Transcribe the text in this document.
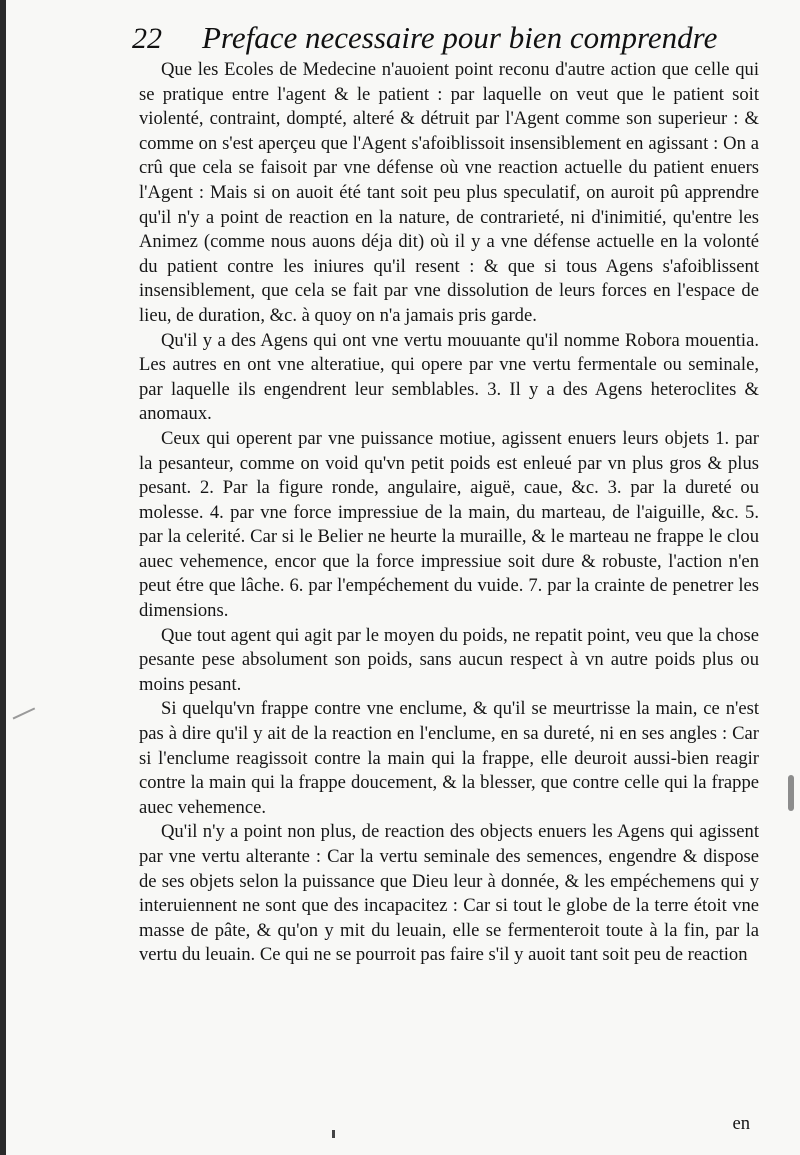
22 Preface necessaire pour bien comprendre

Que les Ecoles de Medecine n'auoient point reconu d'autre action que celle qui se pratique entre l'agent & le patient : par laquelle on veut que le patient soit violenté, contraint, dompté, alteré & détruit par l'Agent comme son superieur : & comme on s'est aperçeu que l'Agent s'afoiblissoit insensiblement en agissant : On a crû que cela se faisoit par vne défense où vne reaction actuelle du patient enuers l'Agent : Mais si on auoit été tant soit peu plus speculatif, on auroit pû apprendre qu'il n'y a point de reaction en la nature, de contrarieté, ni d'inimitié, qu'entre les Animez (comme nous auons déja dit) où il y a vne défense actuelle en la volonté du patient contre les iniures qu'il resent : & que si tous Agens s'afoiblissent insensiblement, que cela se fait par vne dissolution de leurs forces en l'espace de lieu, de duration, &c. à quoy on n'a jamais pris garde.

Qu'il y a des Agens qui ont vne vertu mouuante qu'il nomme Robora mouentia. Les autres en ont vne alteratiue, qui opere par vne vertu fermentale ou seminale, par laquelle ils engendrent leur semblables. 3. Il y a des Agens heteroclites & anomaux.

Ceux qui operent par vne puissance motiue, agissent enuers leurs objets 1. par la pesanteur, comme on void qu'vn petit poids est enleué par vn plus gros & plus pesant. 2. Par la figure ronde, angulaire, aiguë, caue, &c. 3. par la dureté ou molesse. 4. par vne force impressiue de la main, du marteau, de l'aiguille, &c. 5. par la celerité. Car si le Belier ne heurte la muraille, & le marteau ne frappe le clou auec vehemence, encor que la force impressiue soit dure & robuste, l'action n'en peut étre que lâche. 6. par l'empéchement du vuide. 7. par la crainte de penetrer les dimensions.

Que tout agent qui agit par le moyen du poids, ne repatit point, veu que la chose pesante pese absolument son poids, sans aucun respect à vn autre poids plus ou moins pesant.

Si quelqu'vn frappe contre vne enclume, & qu'il se meurtrisse la main, ce n'est pas à dire qu'il y ait de la reaction en l'enclume, en sa dureté, ni en ses angles : Car si l'enclume reagissoit contre la main qui la frappe, elle deuroit aussi-bien reagir contre la main qui la frappe doucement, & la blesser, que contre celle qui la frappe auec vehemence.

Qu'il n'y a point non plus, de reaction des objects enuers les Agens qui agissent par vne vertu alterante : Car la vertu seminale des semences, engendre & dispose de ses objets selon la puissance que Dieu leur à donnée, & les empéchemens qui y interuiennent ne sont que des incapacitez : Car si tout le globe de la terre étoit vne masse de pâte, & qu'on y mit du leuain, elle se fermenteroit toute à la fin, par la vertu du leuain. Ce qui ne se pourroit pas faire s'il y auoit tant soit peu de reaction

en
